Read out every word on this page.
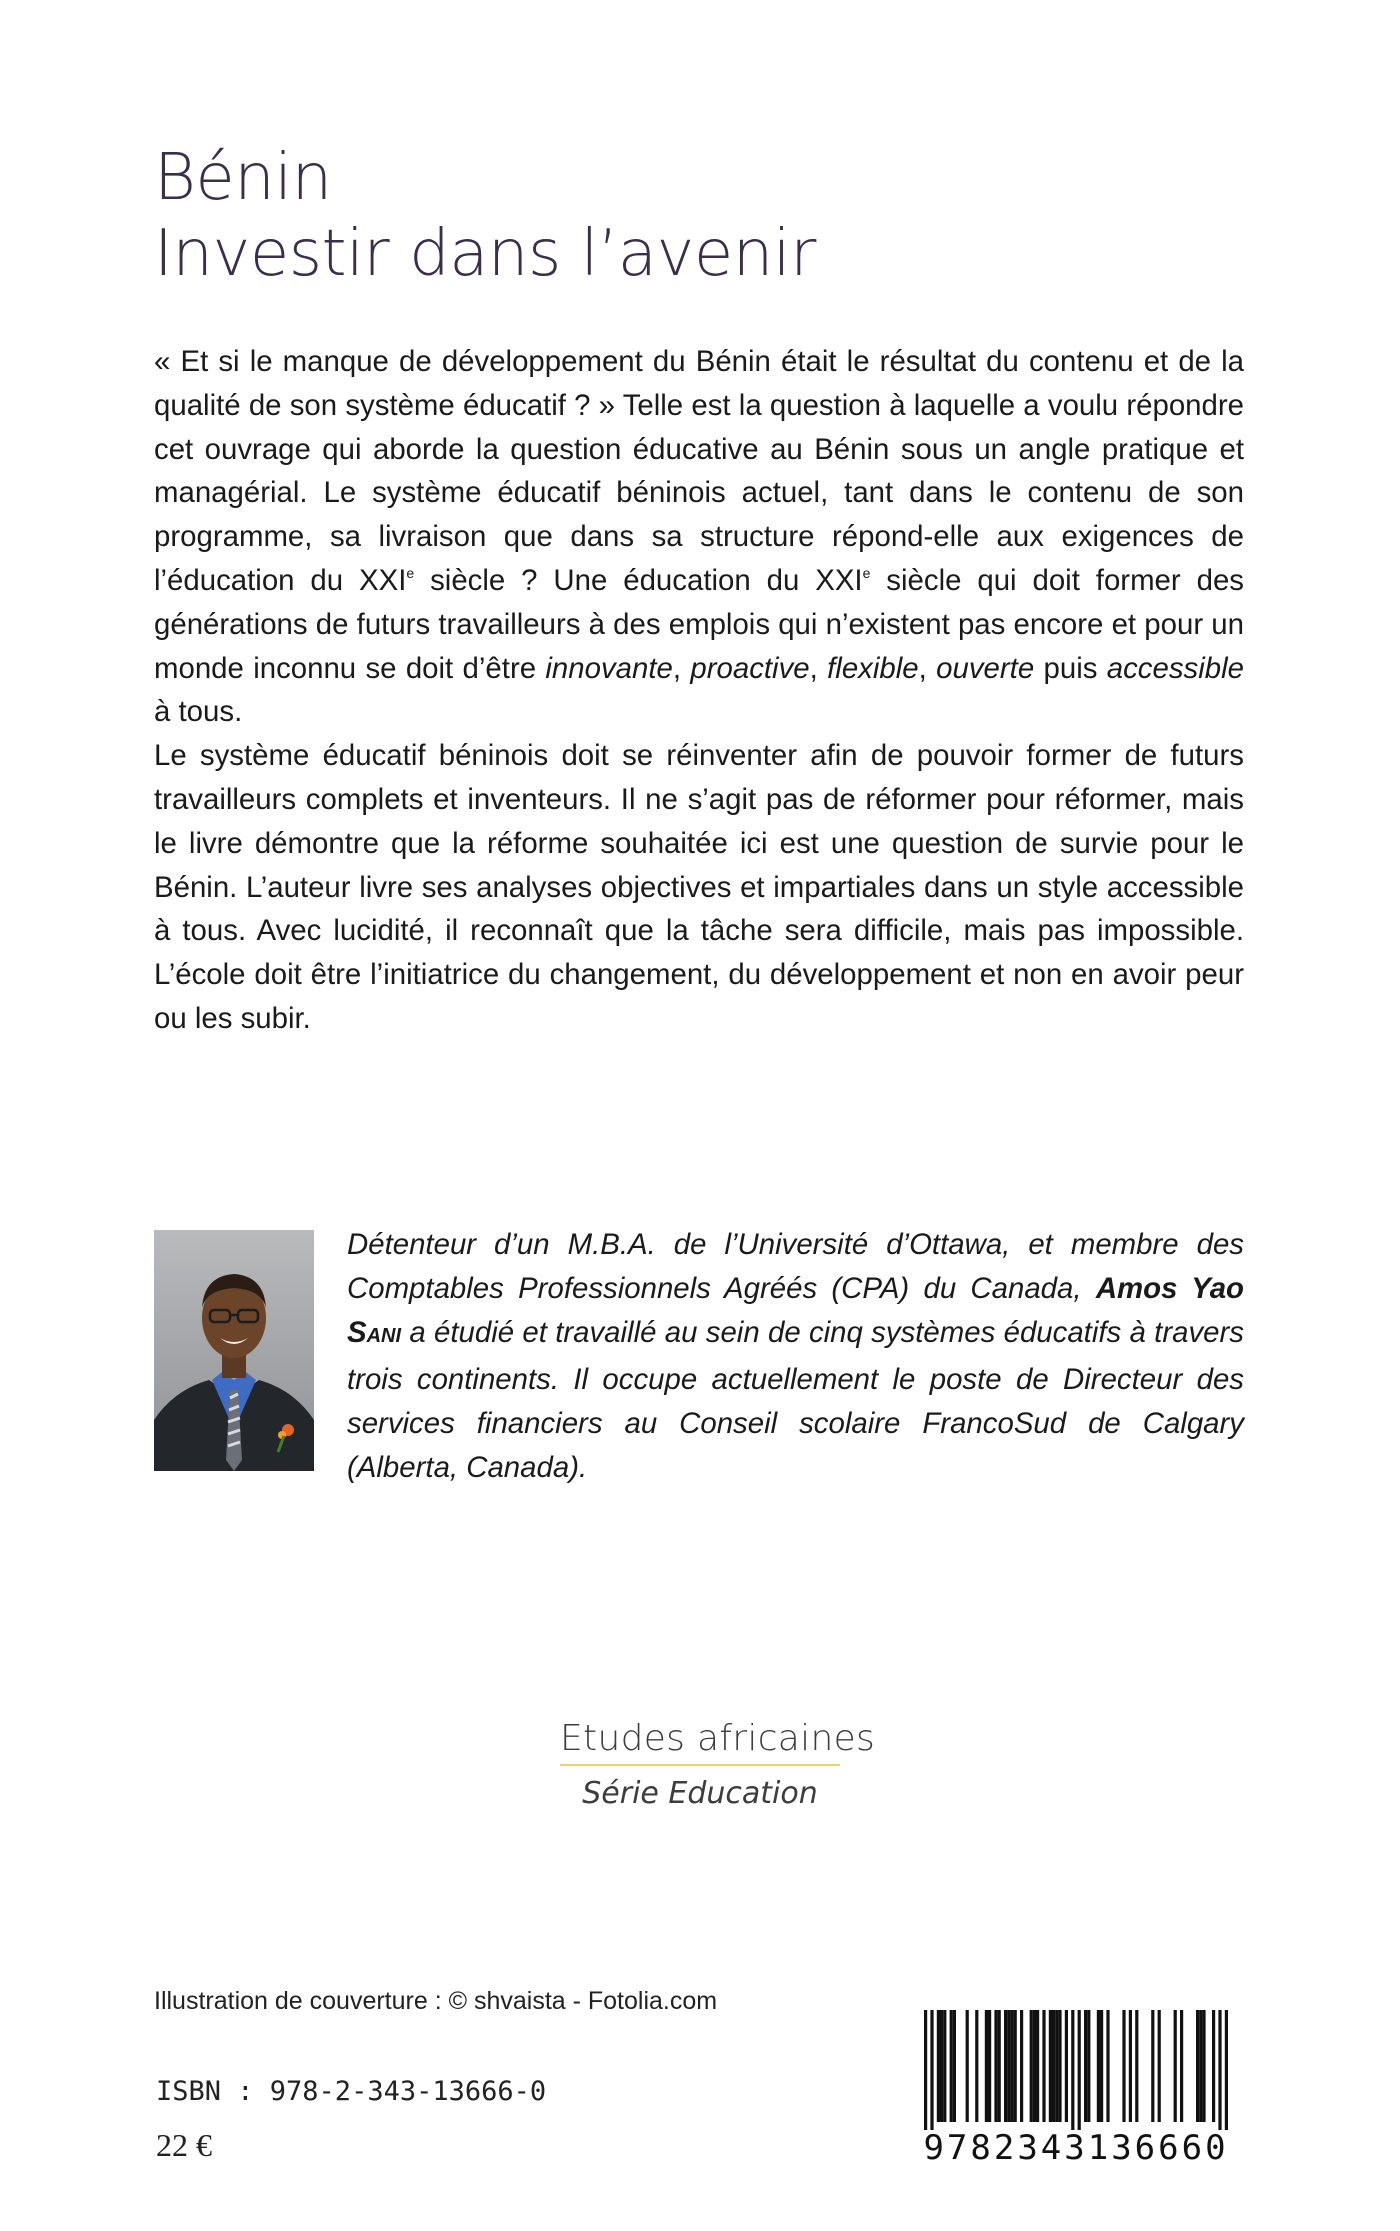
Bénin
Investir dans l’avenir

« Et si le manque de développement du Bénin était le résultat du contenu et de la qualité de son système éducatif ? » Telle est la question à laquelle a voulu répondre cet ouvrage qui aborde la question éducative au Bénin sous un angle pratique et managérial. Le système éducatif béninois actuel, tant dans le contenu de son programme, sa livraison que dans sa structure répond-elle aux exigences de l’éducation du XXIe siècle ? Une éducation du XXIe siècle qui doit former des générations de futurs travailleurs à des emplois qui n’existent pas encore et pour un monde inconnu se doit d’être innovante, proactive, flexible, ouverte puis accessible à tous.

Le système éducatif béninois doit se réinventer afin de pouvoir former de futurs travailleurs complets et inventeurs. Il ne s’agit pas de réformer pour réformer, mais le livre démontre que la réforme souhaitée ici est une question de survie pour le Bénin. L’auteur livre ses analyses objectives et impartiales dans un style accessible à tous. Avec lucidité, il reconnaît que la tâche sera difficile, mais pas impossible. L’école doit être l’initiatrice du changement, du développement et non en avoir peur ou les subir.

Détenteur d’un M.B.A. de l’Université d’Ottawa, et membre des Comptables Professionnels Agréés (CPA) du Canada, Amos Yao SANI a étudié et travaillé au sein de cinq systèmes éducatifs à travers trois continents. Il occupe actuellement le poste de Directeur des services financiers au Conseil scolaire FrancoSud de Calgary (Alberta, Canada).
Etudes africaines
Série Education
Illustration de couverture : © shvaista - Fotolia.com
ISBN : 978-2-343-13666-0
22 €	9782343136660
